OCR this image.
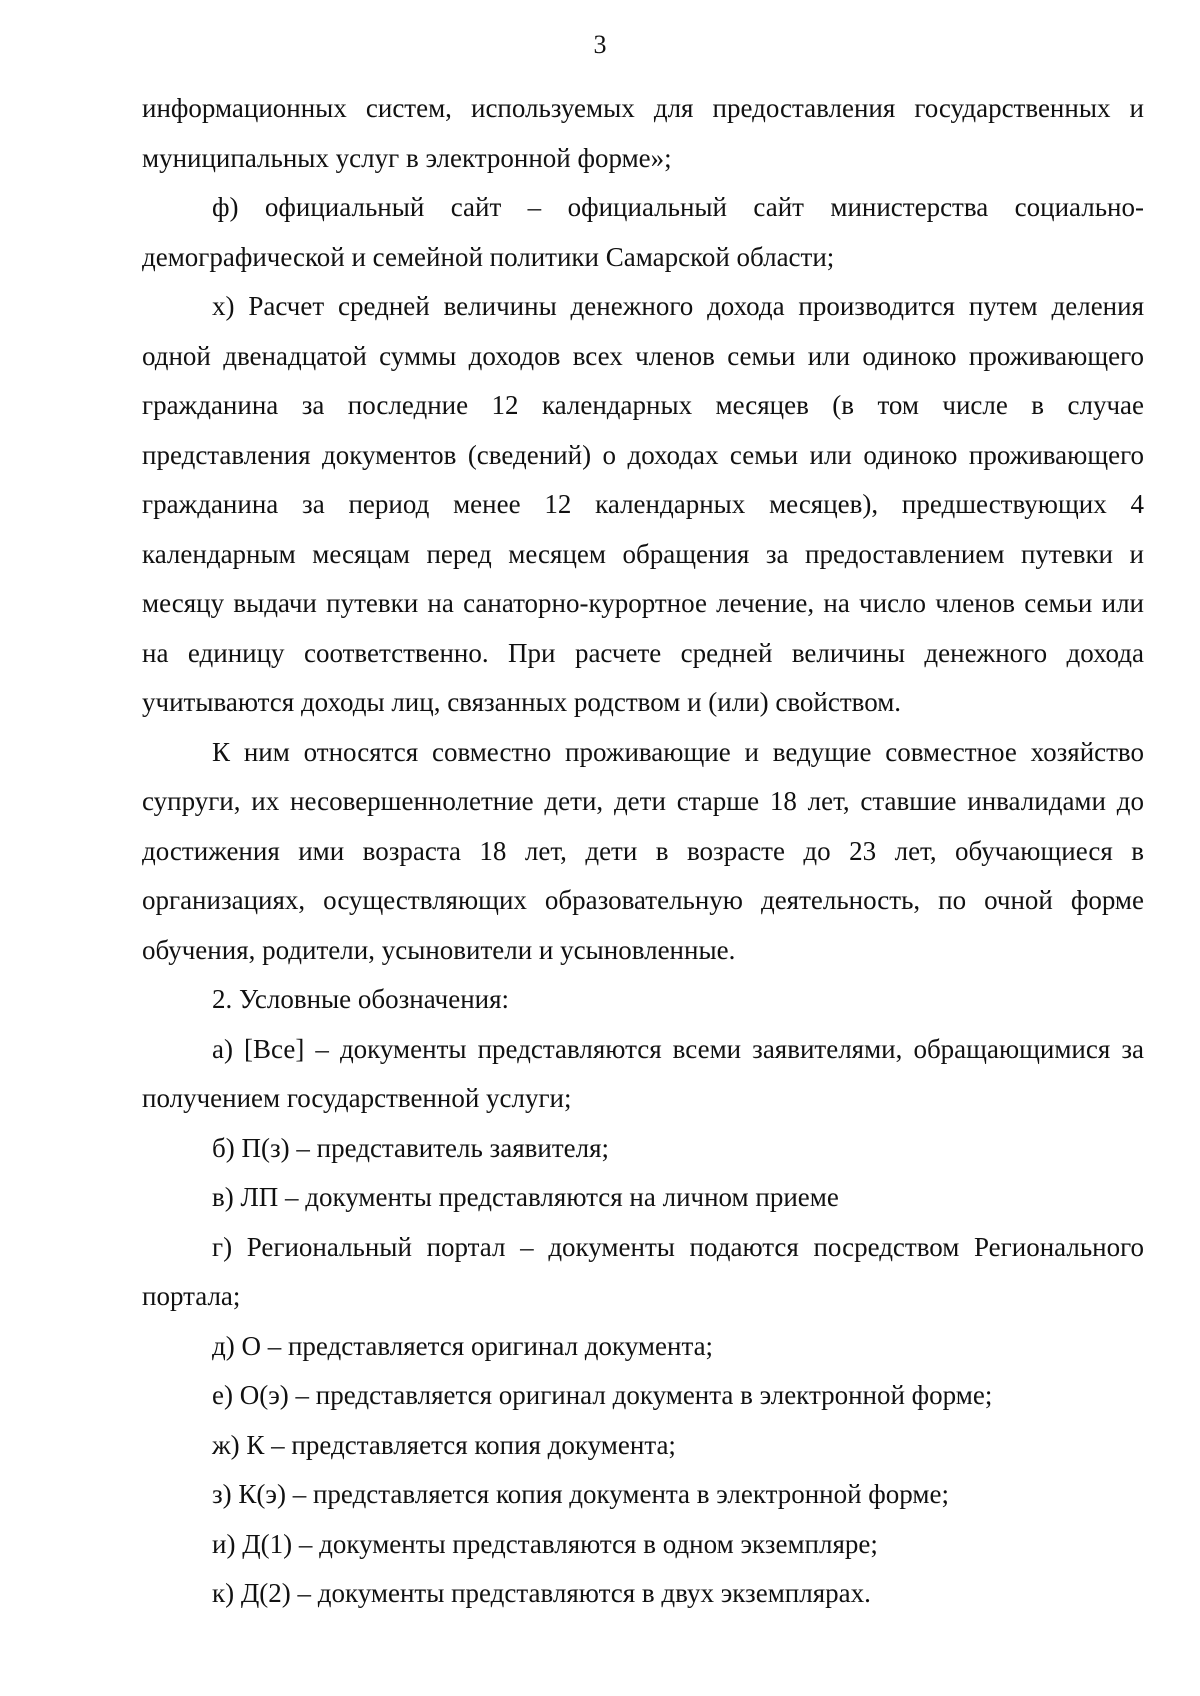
3

информационных систем, используемых для предоставления государственных и муниципальных услуг в электронной форме»;

ф) официальный сайт – официальный сайт министерства социально-демографической и семейной политики Самарской области;

х) Расчет средней величины денежного дохода производится путем деления одной двенадцатой суммы доходов всех членов семьи или одиноко проживающего гражданина за последние 12 календарных месяцев (в том числе в случае представления документов (сведений) о доходах семьи или одиноко проживающего гражданина за период менее 12 календарных месяцев), предшествующих 4 календарным месяцам перед месяцем обращения за предоставлением путевки и месяцу выдачи путевки на санаторно-курортное лечение, на число членов семьи или на единицу соответственно. При расчете средней величины денежного дохода учитываются доходы лиц, связанных родством и (или) свойством.

К ним относятся совместно проживающие и ведущие совместное хозяйство супруги, их несовершеннолетние дети, дети старше 18 лет, ставшие инвалидами до достижения ими возраста 18 лет, дети в возрасте до 23 лет, обучающиеся в организациях, осуществляющих образовательную деятельность, по очной форме обучения, родители, усыновители и усыновленные.

2. Условные обозначения:

а) [Все] – документы представляются всеми заявителями, обращающимися за получением государственной услуги;

б) П(з) – представитель заявителя;

в) ЛП – документы представляются на личном приеме

г) Региональный портал – документы подаются посредством Регионального портала;

д) О – представляется оригинал документа;

е) О(э) – представляется оригинал документа в электронной форме;

ж) К – представляется копия документа;

з) К(э) – представляется копия документа в электронной форме;

и) Д(1) – документы представляются в одном экземпляре;

к) Д(2) – документы представляются в двух экземплярах.
